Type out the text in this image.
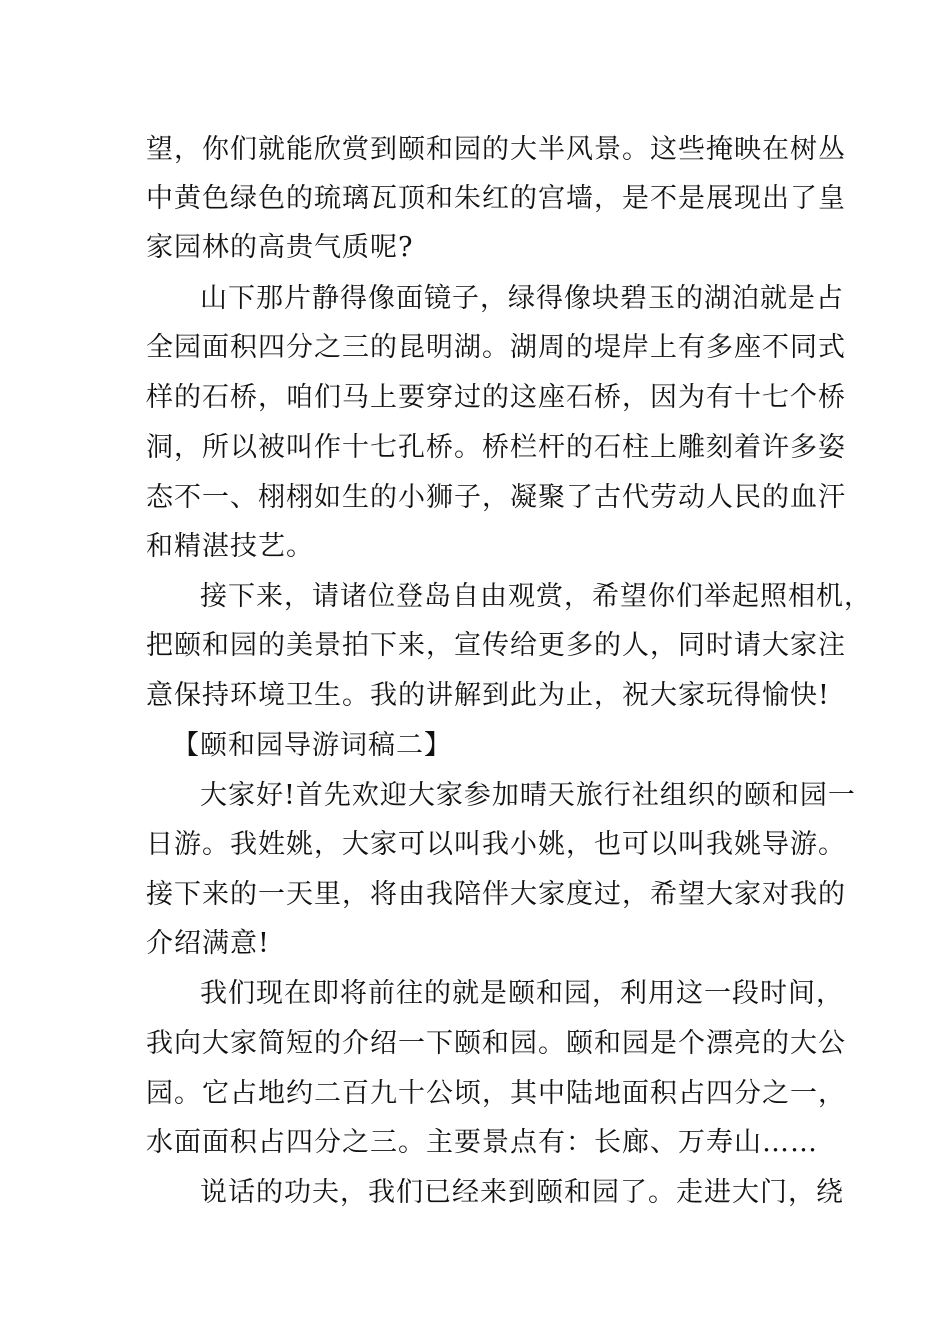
望，你们就能欣赏到颐和园的大半风景。这些掩映在树丛
中黄色绿色的琉璃瓦顶和朱红的宫墙，是不是展现出了皇
家园林的高贵气质呢?
山下那片静得像面镜子，绿得像块碧玉的湖泊就是占
全园面积四分之三的昆明湖。湖周的堤岸上有多座不同式
样的石桥，咱们马上要穿过的这座石桥，因为有十七个桥
洞，所以被叫作十七孔桥。桥栏杆的石柱上雕刻着许多姿
态不一、栩栩如生的小狮子，凝聚了古代劳动人民的血汗
和精湛技艺。
接下来，请诸位登岛自由观赏，希望你们举起照相机，
把颐和园的美景拍下来，宣传给更多的人，同时请大家注
意保持环境卫生。我的讲解到此为止，祝大家玩得愉快!
【颐和园导游词稿二】
大家好!首先欢迎大家参加晴天旅行社组织的颐和园一
日游。我姓姚，大家可以叫我小姚，也可以叫我姚导游。
接下来的一天里，将由我陪伴大家度过，希望大家对我的
介绍满意!
我们现在即将前往的就是颐和园，利用这一段时间，
我向大家简短的介绍一下颐和园。颐和园是个漂亮的大公
园。它占地约二百九十公顷，其中陆地面积占四分之一，
水面面积占四分之三。主要景点有：长廊、万寿山……
说话的功夫，我们已经来到颐和园了。走进大门，绕
